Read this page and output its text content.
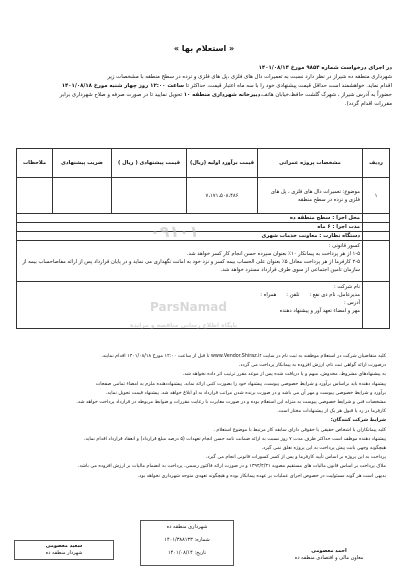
« استعلام بها »
در اجرای درخواست شماره ۹۸۵۴ مورخ ۱۴۰۱/۰۸/۱۴
شهرداری منطقه ده شیراز در نظر دارد نسبت به تعمیرات دال های فلزی ،پل های فلزی و نرده در سطح منطقه با مشخصات زیر
اقدام نماید. خواهشمند است حداقل قیمت پیشنهادی خود را با سه ماه اعتبار قیمت، حداکثر تا ساعت ۱۲:۰۰ روز چهار شنبه مورخ ۱۴۰۱/۰۸/۱۸
حضوراً به آدرس شیراز ، شهرک گلشت حافظ،خیابان هاتف،دبیرخانه شهرداری منطقه ۱۰ تحویل نمایید تا در صورت صرفه و صلاح شهرداری برابر
مقررات اقدام گردد).
ردیف	مشخصات پروژه عمرانی	قیمت برآورد اولیه (ریال)	قیمت پیشنهادی ( ریال )	ضریب پیشنهادی	ملاحظات
۱	موضوع: تعمیرات دال های فلزی ، پل های فلزی و نرده در سطح منطقه	۷،۱۷۱،۵۰۸،۴۸۶			
	محل اجرا : سطح منطقه ده				
	مدت اجرا : ۶ ماه				
	دستگاه نظارت : معاونت خدمات شهری				

	کسور قانونی :
۱-۵ از هر پرداخت به پیمانکار ۱۰٪ بعنوان سپرده حسن انجام کار کسر خواهد شد.
۲-۵ کارفرما از هر پرداخت معادل ۵٪ بعنوان علی الحساب بیمه کسر و نزد خود به امانت نگهداری می نماید و در پایان قرارداد پس از ارائه مفاصاحساب بیمه از سازمان تامین اجتماعی از سوی طرف قرارداد مسترد خواهد شد.				

	نام شرکت :
مدیرعامل، نام ذی نفع :      تلفن :      همراه :
آدرس :
مهر و امضاء تعهد آور و پیشنهاد دهنده				
کلیه متقاضیان شرکت در استعلام موظفند به ثبت نام در سایت www.Vendor.Shiraz.ir تا قبل از ساعت ۱۲:۰۰ مورخ ۱۴۰۱/۰۸/۱۸ اقدام نمایند.
درصورت ارائه گواهی ثبت نام، ارزش افزوده به پیمانکار پرداخت می گردد.
به پیشنهادهای مشروط، مخدوش، مبهم و یا دریافت شده پس از موعد مقرر ترتیب اثر داده نخواهد شد.
پیشنهاد دهنده باید براساس برآورد و شرایط خصوصی پیوست، پیشنهاد خود را بصورت کتبی ارائه نماید. پیشنهاددهنده ملزم به امضاء تمامی صفحات
برآورد و شرایط خصوصی پیوست و مهر آن می باشد و در صورت برنده شدن مراتب قرارداد به او ابلاغ خواهد شد. پیشنهاد قیمت تحویل نماید.
مشخصات فنی و شرایط خصوصی پیوست به منزله این استعلام بوده و در صورت مغایرت با رعایت مقررات و ضوابط مربوطه در قرارداد پرداخت خواهد شد.
کارفرما در رد یا قبول هر یک از پیشنهادات مختار است.
شرایط شرکت کنندگان:
کلیه پیمانکاران با اشخاص حقیقی یا حقوقی دارای سابقه کار مرتبط با موضوع استعلام .
پیشنهاد دهنده موظف است حداکثر ظرف مدت ۷ روز نسبت به ارائه ضمانت نامه حسن انجام تعهدات (۵ درصد مبلغ قرارداد) و انعقاد قرارداد اقدام نماید.
هیچگونه وجهی بابت پیش پرداخت به این پروژه تعلق نمی گیرد.
پرداخت به این پروژه بر اساس تأیید کارفرما و پس از کسر کسورات قانونی انجام می گیرد.
ملاک پرداخت بر اساس قانون مالیات های مستقیم مصوبه ۱۳۹۴/۴/۳۱ و در صورت ارائه فاکتور رسمی، پرداخت به انضمام مالیات بر ارزش افزوده می باشد.
بدیهی است هر گونه مسئولیت در خصوص اجرای عملیات بر عهده پیمانکار بوده و هیچگونه تعهدی متوجه شهرداری نخواهد بود.
احمد معصومی
معاون مالی و اقتصادی منطقه ده
شهرداری منطقه ده
شماره: ۱۴۰۱/۳۸۸۱۳۳
تاریخ: ۱۴۰۱/۰۸/۱۴
سعید معصومی
شهردار منطقه ده
۰۹۱۰۱
ParsNamad
پایگاه اطلاع رسانی مناقصه و مزایده
